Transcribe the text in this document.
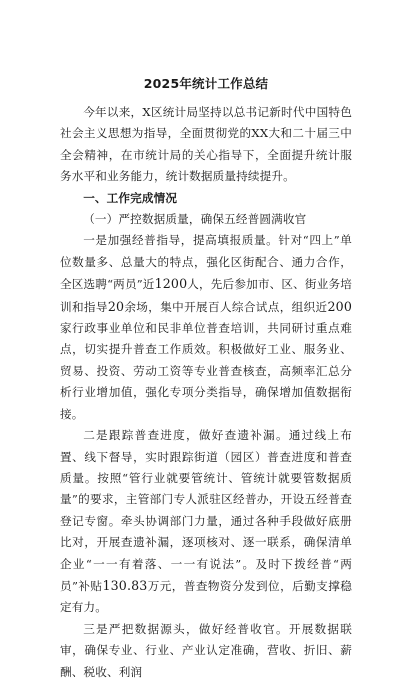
2025年统计工作总结

今年以来，X区统计局坚持以总书记新时代中国特色社会主义思想为指导，全面贯彻党的XX大和二十届三中全会精神，在市统计局的关心指导下，全面提升统计服务水平和业务能力，统计数据质量持续提升。

一、工作完成情况

（一）严控数据质量，确保五经普圆满收官

一是加强经普指导，提高填报质量。针对“四上”单位数量多、总量大的特点，强化区街配合、通力合作，全区选聘“两员”近1200人，先后参加市、区、街业务培训和指导20余场，集中开展百人综合试点，组织近200家行政事业单位和民非单位普查培训，共同研讨重点难点，切实提升普查工作质效。积极做好工业、服务业、贸易、投资、劳动工资等专业普查核查，高频率汇总分析行业增加值，强化专项分类指导，确保增加值数据衔接。

二是跟踪普查进度，做好查遗补漏。通过线上布置、线下督导，实时跟踪街道（园区）普查进度和普查质量。按照“管行业就要管统计、管统计就要管数据质量”的要求，主管部门专人派驻区经普办，开设五经普查登记专窗。牵头协调部门力量，通过各种手段做好底册比对，开展查遗补漏，逐项核对、逐一联系，确保清单企业“一一有着落、一一有说法”。及时下拨经普“两员”补贴130.83万元，普查物资分发到位，后勤支撑稳定有力。

三是严把数据源头，做好经普收官。开展数据联审，确保专业、行业、产业认定准确，营收、折旧、薪酬、税收、利润
